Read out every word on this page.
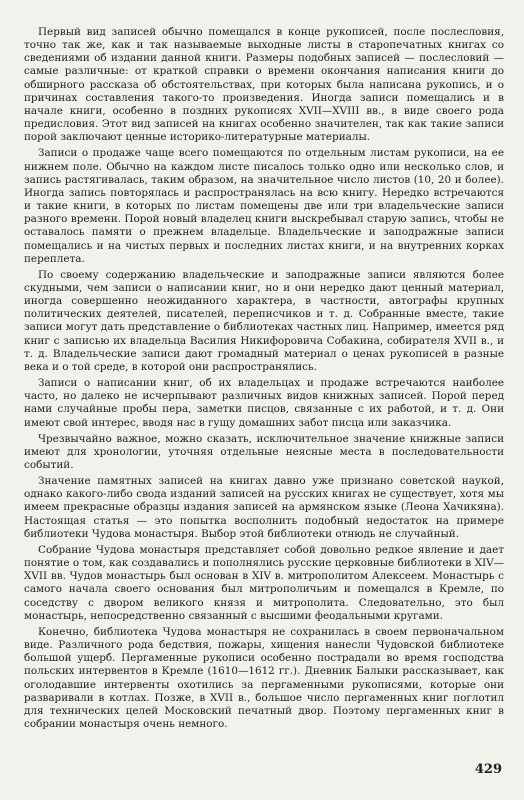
Первый вид записей обычно помещался в конце рукописей, после послесловия, точно так же, как и так называемые выходные листы в старопечатных книгах со сведениями об издании данной книги. Размеры подобных записей — послесловий — самые различные: от краткой справки о времени окончания написания книги до обширного рассказа об обстоятельствах, при которых была написана рукопись, и о причинах составления такого-то произведения. Иногда записи помещались и в начале книги, особенно в поздних рукописях XVII—XVIII вв., в виде своего рода предисловия. Этот вид записей на книгах особенно значителен, так как такие записи порой заключают ценные историко-литературные материалы.

Записи о продаже чаще всего помещаются по отдельным листам рукописи, на ее нижнем поле. Обычно на каждом листе писалось только одно или несколько слов, и запись растягивалась, таким образом, на значительное число листов (10, 20 и более). Иногда запись повторялась и распространялась на всю книгу. Нередко встречаются и такие книги, в которых по листам помещены две или три владельческие записи разного времени. Порой новый владелец книги выскребывал старую запись, чтобы не оставалось памяти о прежнем владельце. Владельческие и заподражные записи помещались и на чистых первых и последних листах книги, и на внутренних корках переплета.

По своему содержанию владельческие и заподражные записи являются более скудными, чем записи о написании книг, но и они нередко дают ценный материал, иногда совершенно неожиданного характера, в частности, автографы крупных политических деятелей, писателей, переписчиков и т. д. Собранные вместе, такие записи могут дать представление о библиотеках частных лиц. Например, имеется ряд книг с записью их владельца Василия Никифоровича Собакина, собирателя XVII в., и т. д. Владельческие записи дают громадный материал о ценах рукописей в разные века и о той среде, в которой они распространялись.

Записи о написании книг, об их владельцах и продаже встречаются наиболее часто, но далеко не исчерпывают различных видов книжных записей. Порой перед нами случайные пробы пера, заметки писцов, связанные с их работой, и т. д. Они имеют свой интерес, вводя нас в гущу домашних забот писца или заказчика.

Чрезвычайно важное, можно сказать, исключительное значение книжные записи имеют для хронологии, уточняя отдельные неясные места в последовательности событий.

Значение памятных записей на книгах давно уже признано советской наукой, однако какого-либо свода изданий записей на русских книгах не существует, хотя мы имеем прекрасные образцы издания записей на армянском языке (Леона Хачикяна). Настоящая статья — это попытка восполнить подобный недостаток на примере библиотеки Чудова монастыря. Выбор этой библиотеки отнюдь не случайный.

Собрание Чудова монастыря представляет собой довольно редкое явление и дает понятие о том, как создавались и пополнялись русские церковные библиотеки в XIV—XVII вв. Чудов монастырь был основан в XIV в. митрополитом Алексеем. Монастырь с самого начала своего основания был митрополичьим и помещался в Кремле, по соседству с двором великого князя и митрополита. Следовательно, это был монастырь, непосредственно связанный с высшими феодальными кругами.

Конечно, библиотека Чудова монастыря не сохранилась в своем первоначальном виде. Различного рода бедствия, пожары, хищения нанесли Чудовской библиотеке большой ущерб. Пергаменные рукописи особенно пострадали во время господства польских интервентов в Кремле (1610—1612 гг.). Дневник Балыки рассказывает, как оголодавшие интервенты охотились за пергаменными рукописями, которые они разваривали в котлах. Позже, в XVII в., большое число пергаменных книг поглотил для технических целей Московский печатный двор. Поэтому пергаменных книг в собрании монастыря очень немного.

429
